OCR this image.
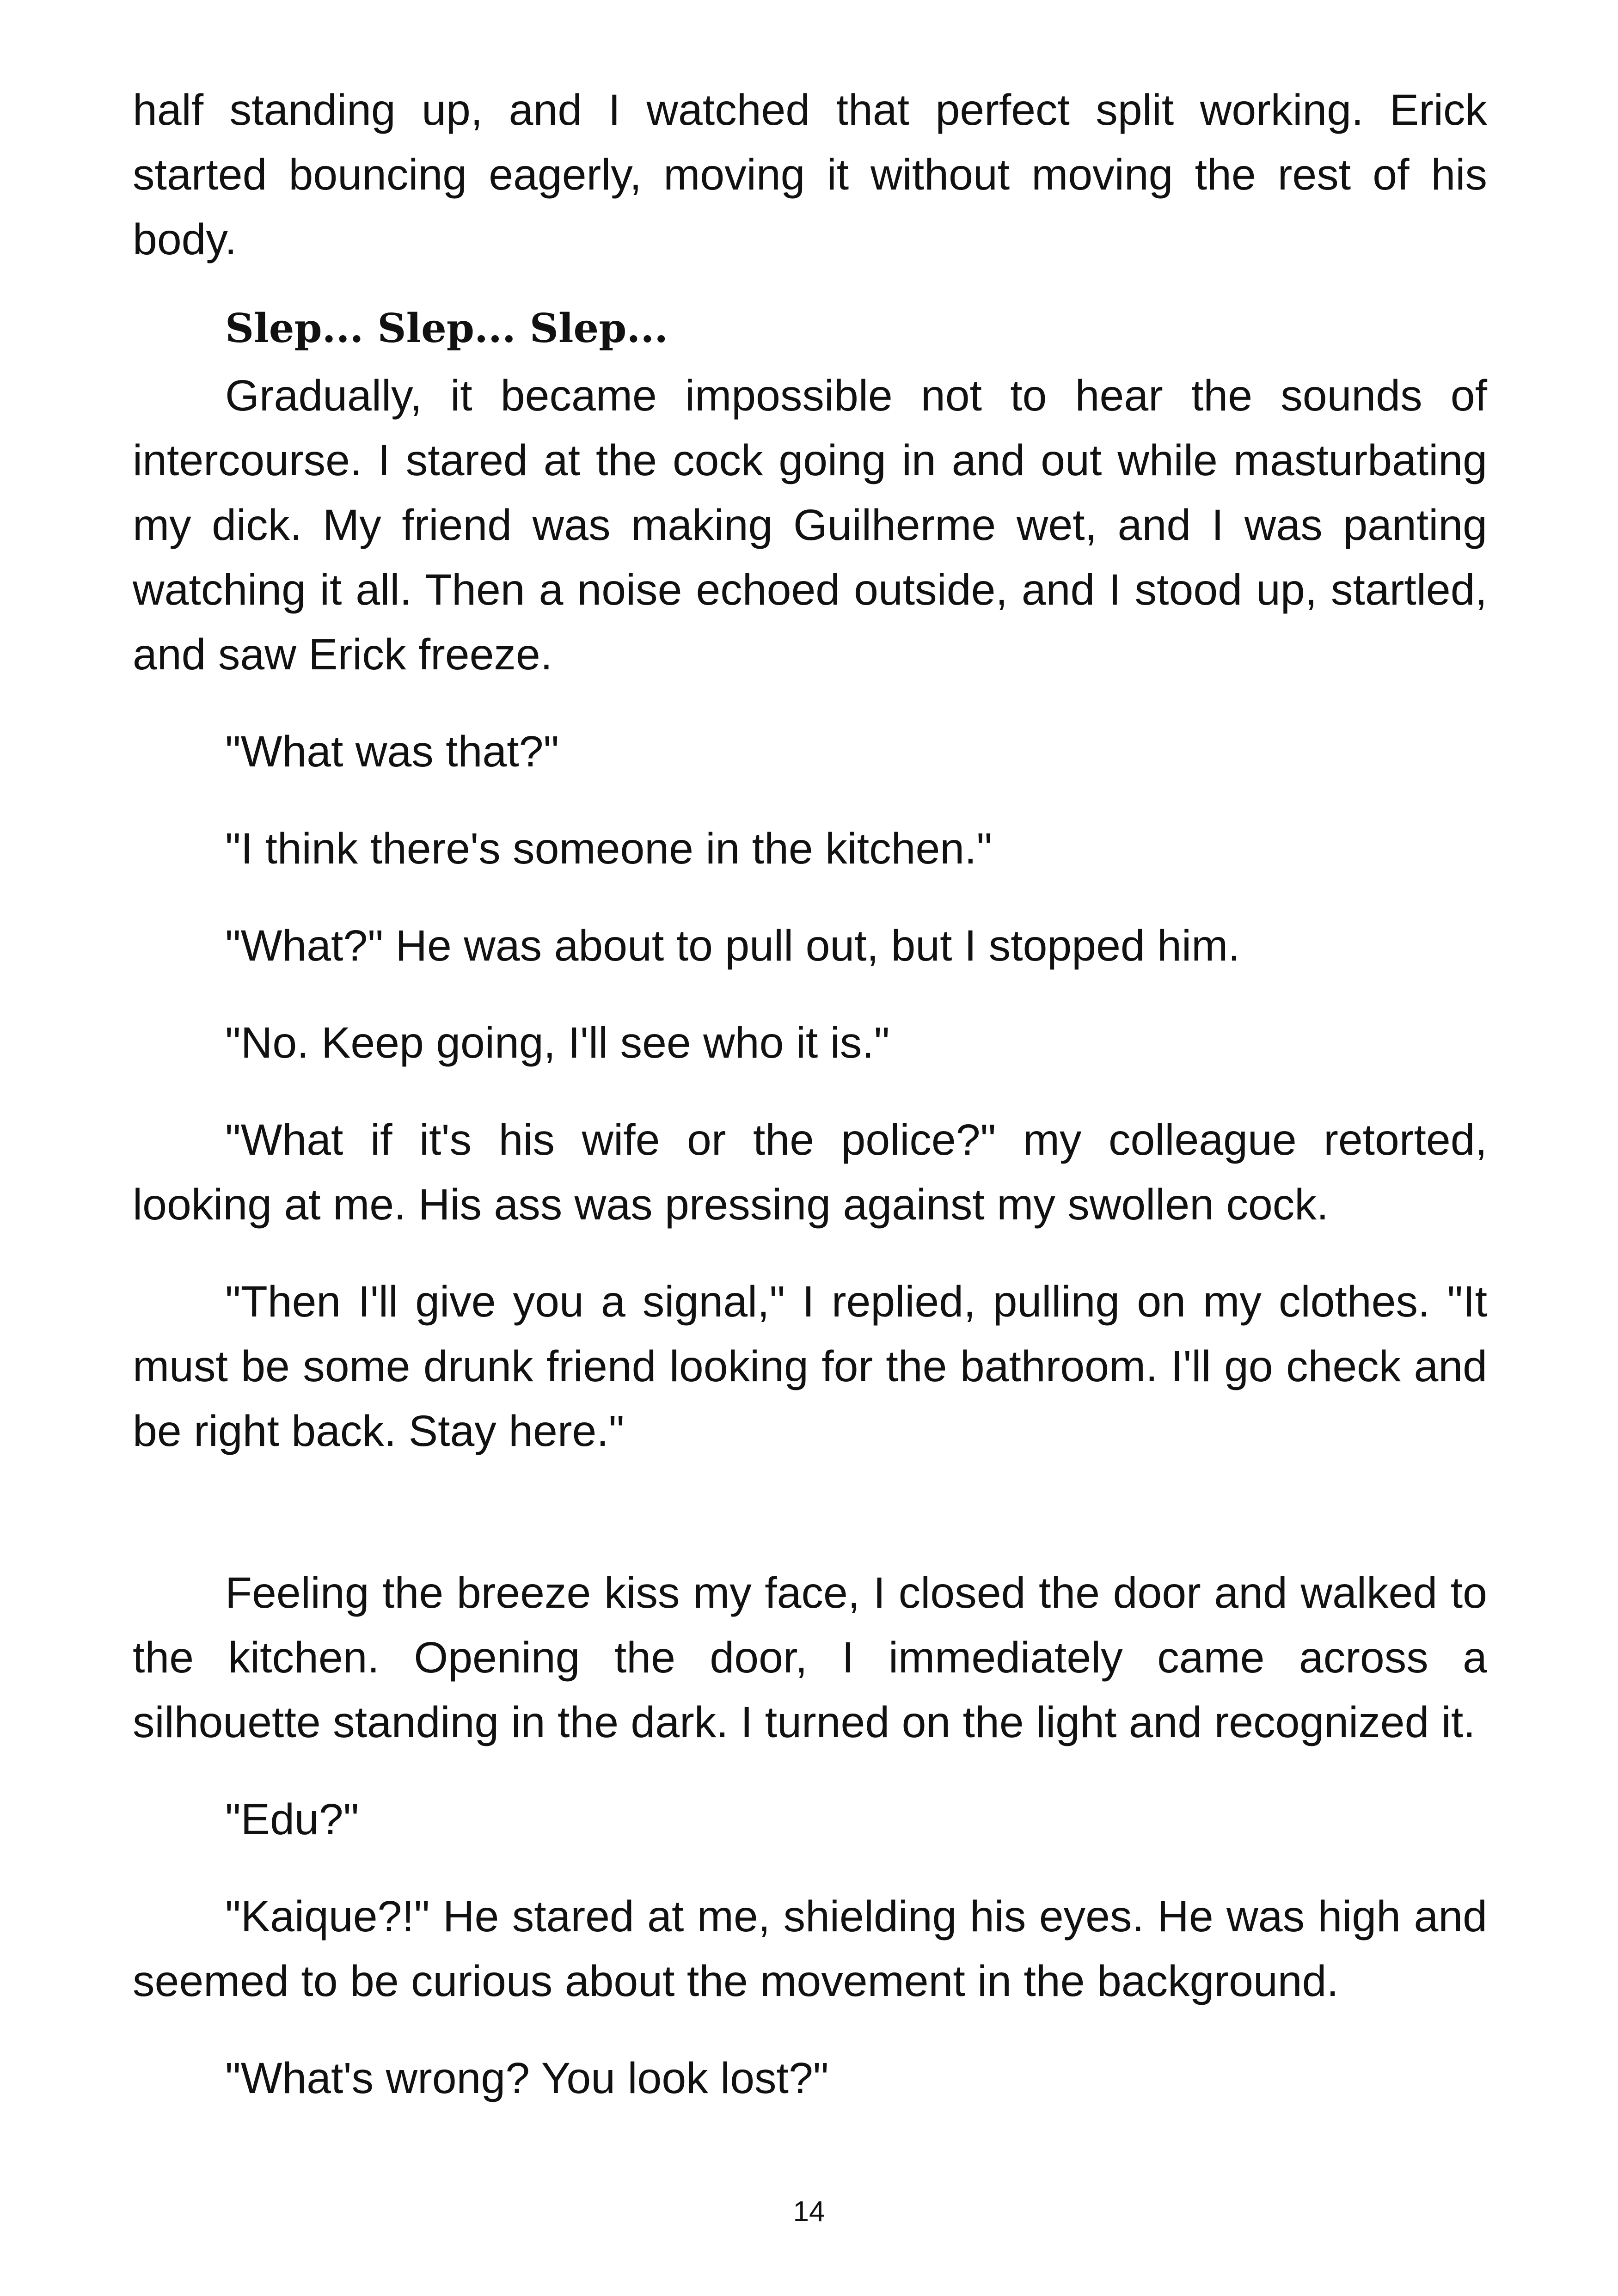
half standing up, and I watched that perfect split working. Erick started bouncing eagerly, moving it without moving the rest of his body.

Slep... Slep... Slep...

Gradually, it became impossible not to hear the sounds of intercourse. I stared at the cock going in and out while masturbating my dick. My friend was making Guilherme wet, and I was panting watching it all. Then a noise echoed outside, and I stood up, startled, and saw Erick freeze.

"What was that?"

"I think there's someone in the kitchen."

"What?" He was about to pull out, but I stopped him.

"No. Keep going, I'll see who it is."

"What if it's his wife or the police?" my colleague retorted, looking at me. His ass was pressing against my swollen cock.

"Then I'll give you a signal," I replied, pulling on my clothes. "It must be some drunk friend looking for the bathroom. I'll go check and be right back. Stay here."

Feeling the breeze kiss my face, I closed the door and walked to the kitchen. Opening the door, I immediately came across a silhouette standing in the dark. I turned on the light and recognized it.

"Edu?"

"Kaique?!" He stared at me, shielding his eyes. He was high and seemed to be curious about the movement in the background.

"What's wrong? You look lost?"

14
